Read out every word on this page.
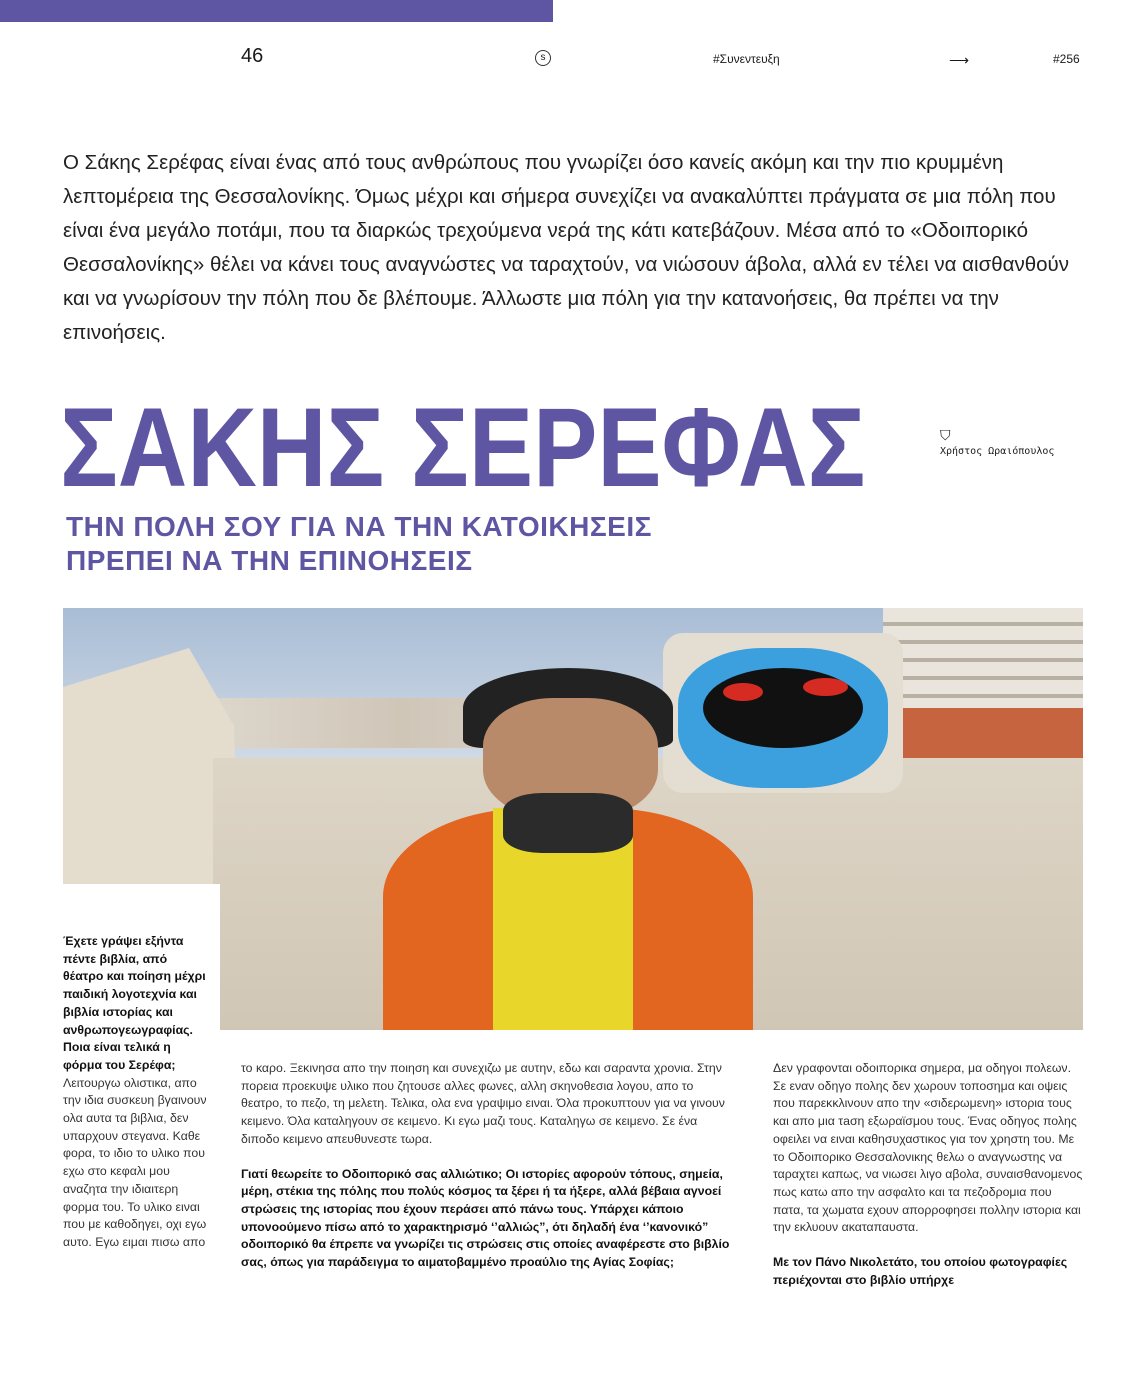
46	s	#Συνεντευξη	⟶	#256

Ο Σάκης Σερέφας είναι ένας από τους ανθρώπους που γνωρίζει όσο κανείς ακόμη και την πιο κρυμμένη λεπτομέρεια της Θεσσαλονίκης. Όμως μέχρι και σήμερα συνεχίζει να ανακαλύπτει πράγματα σε μια πόλη που είναι ένα μεγάλο ποτάμι, που τα διαρκώς τρεχούμενα νερά της κάτι κατεβάζουν. Μέσα από το «Οδοιπορικό Θεσσαλονίκης» θέλει να κάνει τους αναγνώστες να ταραχτούν, να νιώσουν άβολα, αλλά εν τέλει να αισθανθούν και να γνωρίσουν την πόλη που δε βλέπουμε. Άλλωστε μια πόλη για την κατανοήσεις, θα πρέπει να την επινοήσεις.

ΣΑΚΗΣ ΣΕΡΕΦΑΣ	⛉
Χρήστος Ωραιόπουλος
ΤΗΝ ΠΟΛΗ ΣΟΥ ΓΙΑ ΝΑ ΤΗΝ ΚΑΤΟΙΚΗΣΕΙΣ
ΠΡΕΠΕΙ ΝΑ ΤΗΝ ΕΠΙΝΟΗΣΕΙΣ
Έχετε γράψει εξήντα πέντε βιβλία, από θέατρο και ποίηση μέχρι παιδική λογοτεχνία και βιβλία ιστορίας και ανθρωπογεωγραφίας. Ποια είναι τελικά η φόρμα του Σερέφα; Λειτουργω ολιστικα, απο την ιδια συσκευη βγαινουν ολα αυτα τα βιβλια, δεν υπαρχουν στεγανα. Καθε φορα, το ιδιο το υλικο που εχω στο κεφαλι μου αναζητα την ιδιαιτερη φορμα του. Το υλικο ειναι που με καθοδηγει, οχι εγω αυτο. Εγω ειμαι πισω απο

το καρο. Ξεκινησα απο την ποιηση και συνεχιζω με αυτην, εδω και σαραντα χρονια. Στην πορεια προεκυψε υλικο που ζητουσε αλλες φωνες, αλλη σκηνοθεσια λογου, απο το θεατρο, το πεζο, τη μελετη. Τελικα, ολα ενα γραψιμο ειναι. Όλα προκυπτουν για να γινουν κειμενο. Όλα καταληγουν σε κειμενο. Κι εγω μαζι τους. Καταληγω σε κειμενο. Σε ένα διποδο κειμενο απευθυνεστε τωρα.

Γιατί θεωρείτε το Οδοιπορικό σας αλλιώτικο; Οι ιστορίες αφορούν τόπους, σημεία, μέρη, στέκια της πόλης που πολύς κόσμος τα ξέρει ή τα ήξερε, αλλά βέβαια αγνοεί στρώσεις της ιστορίας που έχουν περάσει από πάνω τους. Υπάρχει κάποιο υπονοούμενο πίσω από το χαρακτηρισμό ‘’αλλιώς”, ότι δηλαδή ένα ‘’κανονικό” οδοιπορικό θα έπρεπε να γνωρίζει τις στρώσεις στις οποίες αναφέρεστε στο βιβλίο σας, όπως για παράδειγμα το αιματοβαμμένο προαύλιο της Αγίας Σοφίας;

Δεν γραφονται οδοιπορικα σημερα, μα οδηγοι πολεων. Σε εναν οδηγο πολης δεν χωρουν τοποσημα και οψεις που παρεκκλινουν απο την «σιδερωμενη» ιστορια τους και απο μια τaση εξωραϊσμου τους. Ένας οδηγος πολης οφειλει να ειναι καθησυχαστικος για τον χρηστη του. Με το Οδοιπορικο Θεσσαλονικης θελω ο αναγνωστης να ταραχτει καπως, να νιωσει λιγο αβολα, συναισθανομενος πως κατω απο την ασφαλτο και τα πεζοδρομια που πατα, τα χωματα εχουν απορροφησει πολλην ιστορια και την εκλυουν ακαταπαυστα.

Με τον Πάνο Νικολετάτο, του οποίου φωτογραφίες περιέχονται στο βιβλίο υπήρχε
